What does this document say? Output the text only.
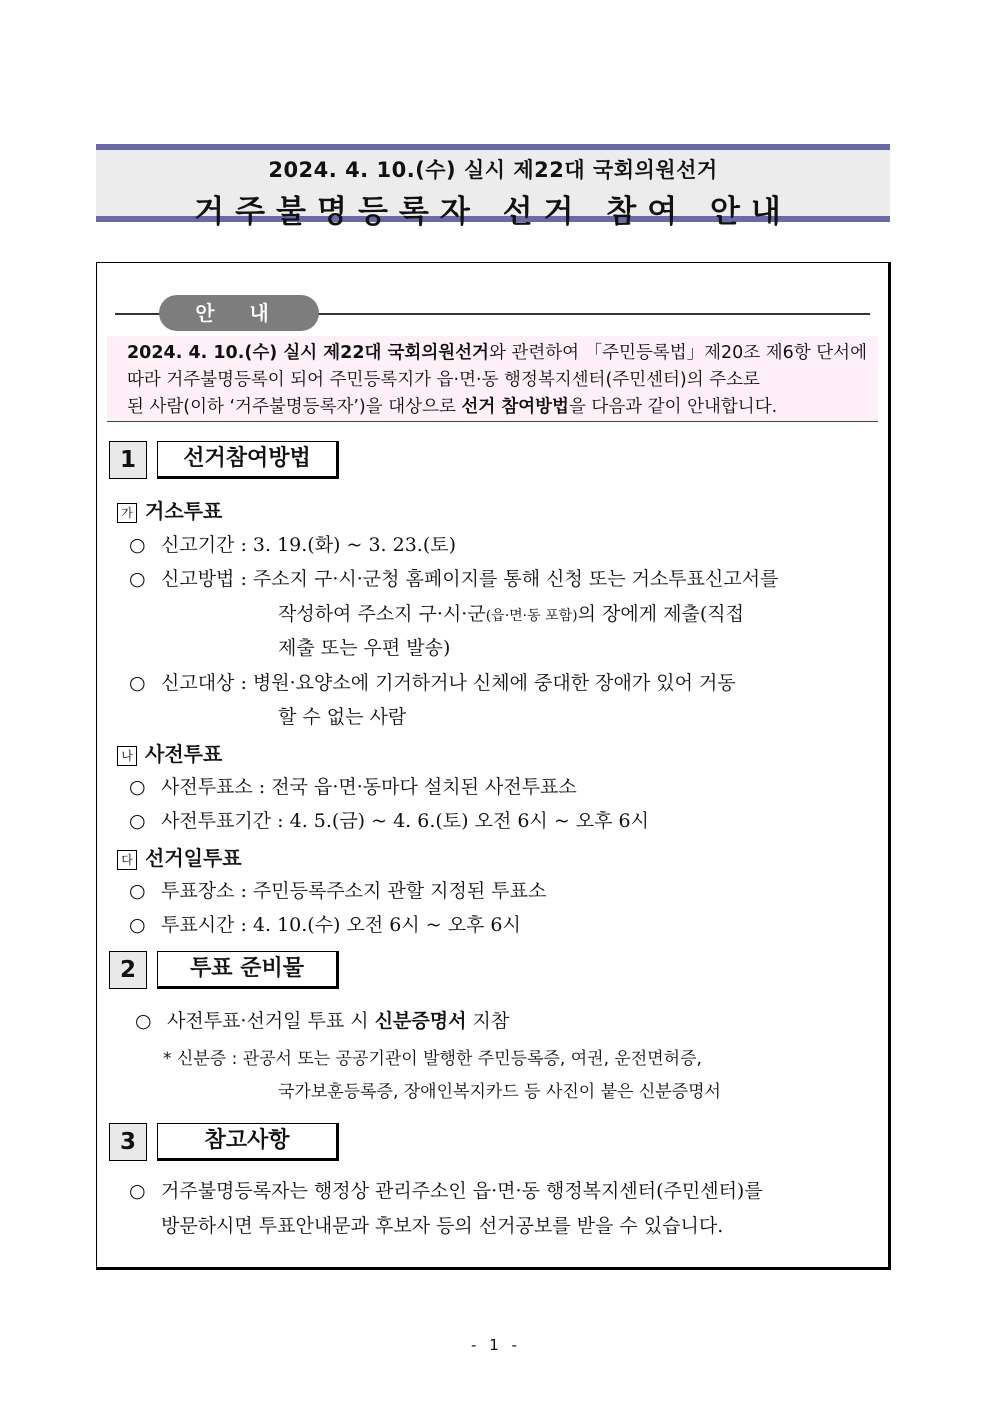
2024. 4. 10.(수) 실시 제22대 국회의원선거
거주불명등록자 선거 참여 안내
안 내
2024. 4. 10.(수) 실시 제22대 국회의원선거와 관련하여 「주민등록법」제20조 제6항 단서에
따라 거주불명등록이 되어 주민등록지가 읍·면·동 행정복지센터(주민센터)의 주소로
된 사람(이하 ‘거주불명등록자’)을 대상으로 선거 참여방법을 다음과 같이 안내합니다.
1	선거참여방법
가 거소투표
○ 신고기간 : 3. 19.(화) ~ 3. 23.(토)
○ 신고방법 : 주소지 구·시·군청 홈페이지를 통해 신청 또는 거소투표신고서를
작성하여 주소지 구·시·군(읍·면·동 포함)의 장에게 제출(직접
제출 또는 우편 발송)
○ 신고대상 : 병원·요양소에 기거하거나 신체에 중대한 장애가 있어 거동
할 수 없는 사람
나 사전투표
○ 사전투표소 : 전국 읍·면·동마다 설치된 사전투표소
○ 사전투표기간 : 4. 5.(금) ~ 4. 6.(토) 오전 6시 ~ 오후 6시
다 선거일투표
○ 투표장소 : 주민등록주소지 관할 지정된 투표소
○ 투표시간 : 4. 10.(수) 오전 6시 ~ 오후 6시
2	투표 준비물
○ 사전투표·선거일 투표 시 신분증명서 지참
* 신분증 : 관공서 또는 공공기관이 발행한 주민등록증, 여권, 운전면허증,
국가보훈등록증, 장애인복지카드 등 사진이 붙은 신분증명서
3	참고사항
○ 거주불명등록자는 행정상 관리주소인 읍·면·동 행정복지센터(주민센터)를
방문하시면 투표안내문과 후보자 등의 선거공보를 받을 수 있습니다.
- 1 -
